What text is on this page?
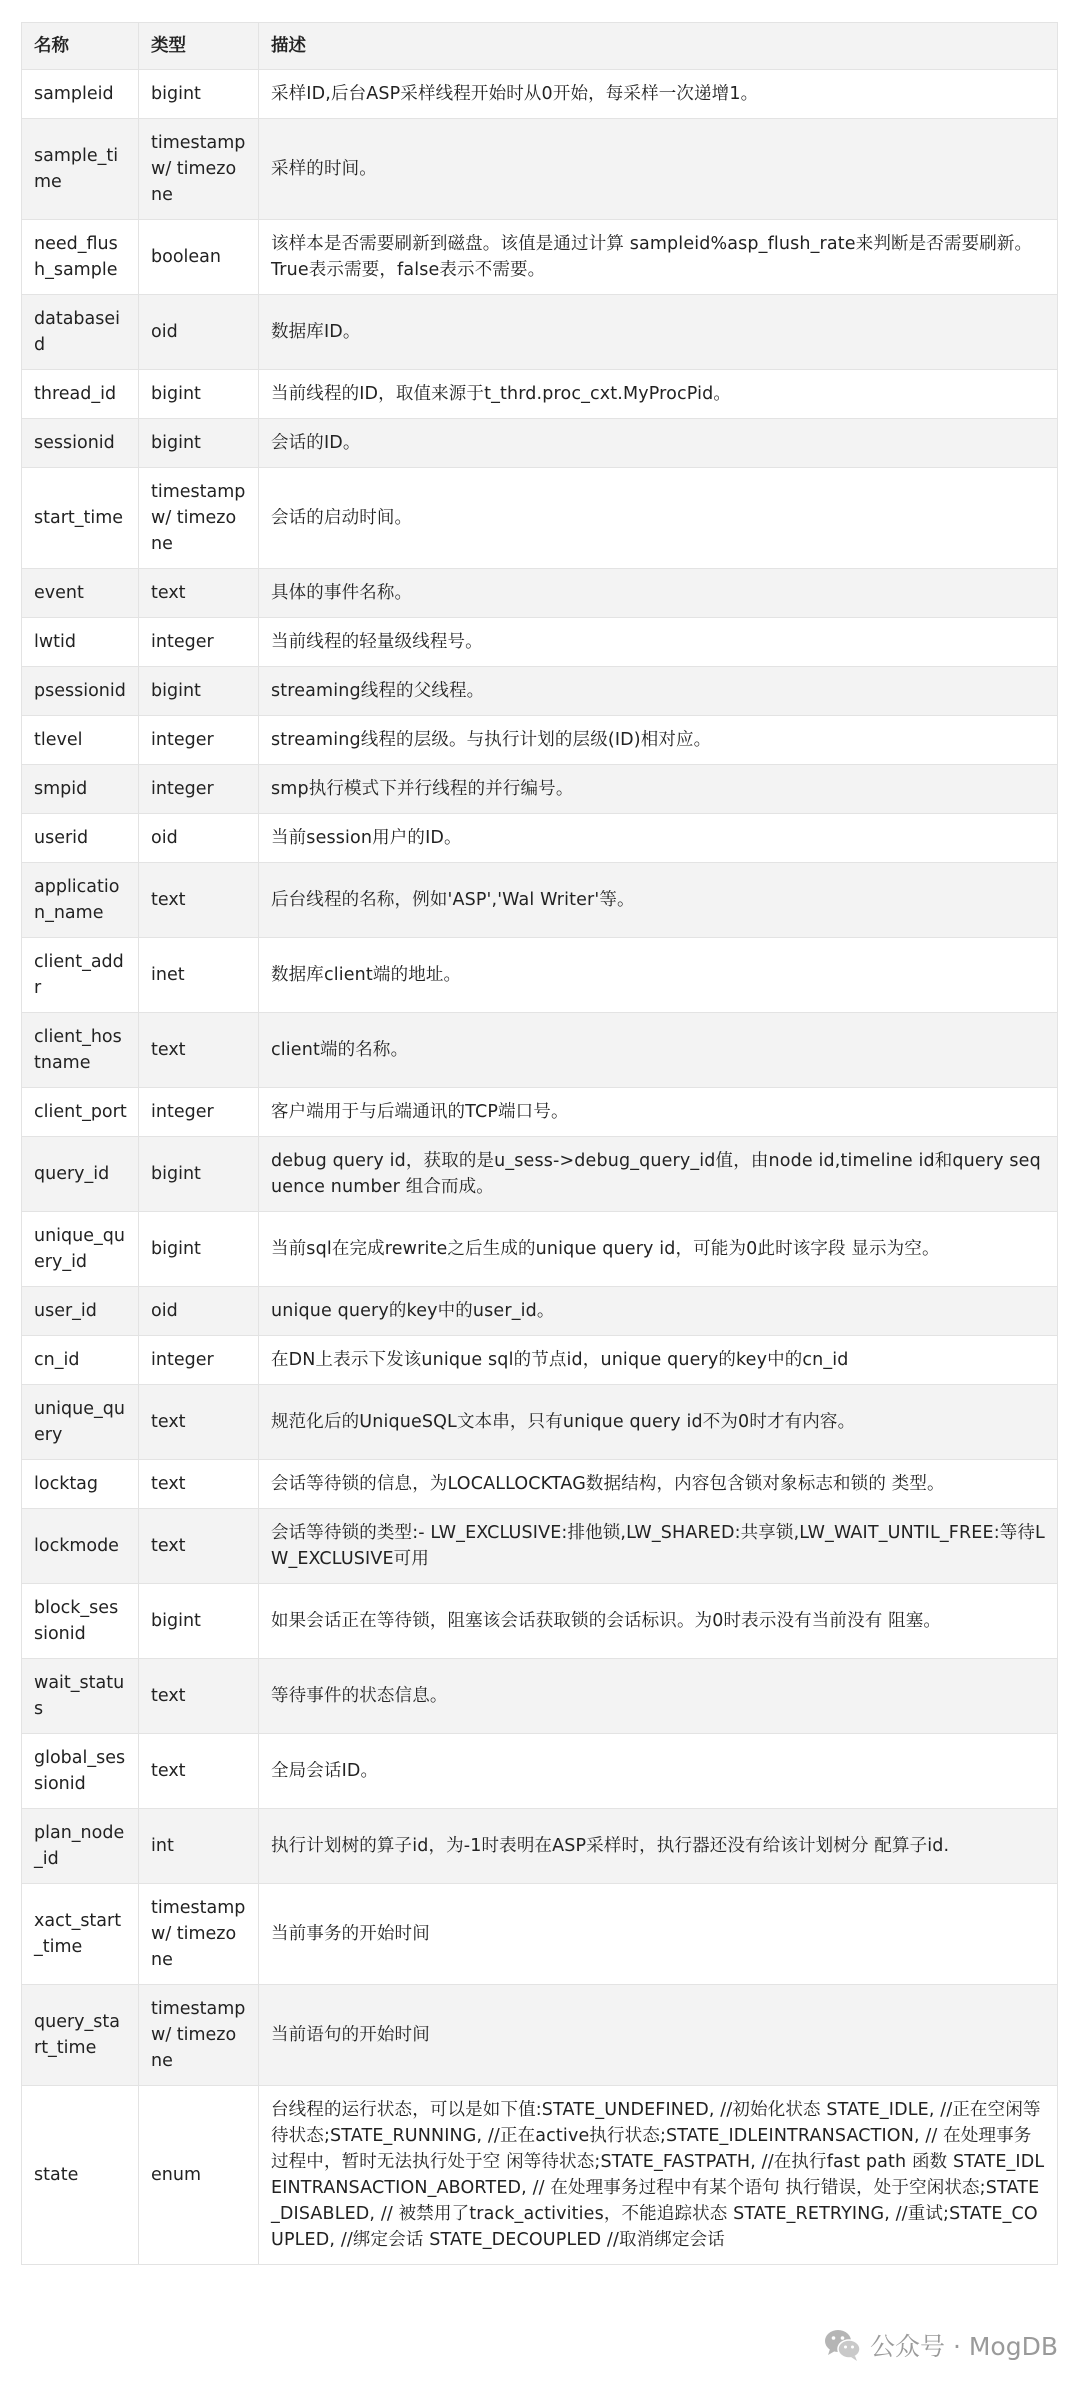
名称	类型	描述
sampleid	bigint	采样ID,后台ASP采样线程开始时从0开始，每采样一次递增1。
sample_time	timestamp w/ timezone	采样的时间。
need_flush_sample	boolean	该样本是否需要刷新到磁盘。该值是通过计算 sampleid%asp_flush_rate来判断是否需要刷新。 True表示需要，false表示不需要。
databaseid	oid	数据库ID。
thread_id	bigint	当前线程的ID，取值来源于t_thrd.proc_cxt.MyProcPid。
sessionid	bigint	会话的ID。
start_time	timestamp w/ timezone	会话的启动时间。
event	text	具体的事件名称。
lwtid	integer	当前线程的轻量级线程号。
psessionid	bigint	streaming线程的父线程。
tlevel	integer	streaming线程的层级。与执行计划的层级(ID)相对应。
smpid	integer	smp执行模式下并行线程的并行编号。
userid	oid	当前session用户的ID。
application_name	text	后台线程的名称，例如'ASP','Wal Writer'等。
client_addr	inet	数据库client端的地址。
client_hostname	text	client端的名称。
client_port	integer	客户端用于与后端通讯的TCP端口号。
query_id	bigint	debug query id，获取的是u_sess->debug_query_id值，由node id,timeline id和query sequence number 组合而成。
unique_query_id	bigint	当前sql在完成rewrite之后生成的unique query id，可能为0此时该字段 显示为空。
user_id	oid	unique query的key中的user_id。
cn_id	integer	在DN上表示下发该unique sql的节点id，unique query的key中的cn_id
unique_query	text	规范化后的UniqueSQL文本串，只有unique query id不为0时才有内容。
locktag	text	会话等待锁的信息，为LOCALLOCKTAG数据结构，内容包含锁对象标志和锁的 类型。
lockmode	text	会话等待锁的类型:- LW_EXCLUSIVE:排他锁,LW_SHARED:共享锁,LW_WAIT_UNTIL_FREE:等待LW_EXCLUSIVE可用
block_sessionid	bigint	如果会话正在等待锁，阻塞该会话获取锁的会话标识。为0时表示没有当前没有 阻塞。
wait_status	text	等待事件的状态信息。
global_sessionid	text	全局会话ID。
plan_node_id	int	执行计划树的算子id，为-1时表明在ASP采样时，执行器还没有给该计划树分 配算子id.
xact_start_time	timestamp w/ timezone	当前事务的开始时间
query_start_time	timestamp w/ timezone	当前语句的开始时间
state	enum	台线程的运行状态，可以是如下值:STATE_UNDEFINED, //初始化状态 STATE_IDLE, //正在空闲等待状态;STATE_RUNNING, //正在active执行状态;STATE_IDLEINTRANSACTION, // 在处理事务过程中，暂时无法执行处于空 闲等待状态;STATE_FASTPATH, //在执行fast path 函数 STATE_IDLEINTRANSACTION_ABORTED, // 在处理事务过程中有某个语句 执行错误，处于空闲状态;STATE_DISABLED, // 被禁用了track_activities，不能追踪状态 STATE_RETRYING, //重试;STATE_COUPLED, //绑定会话 STATE_DECOUPLED //取消绑定会话
公众号 · MogDB
